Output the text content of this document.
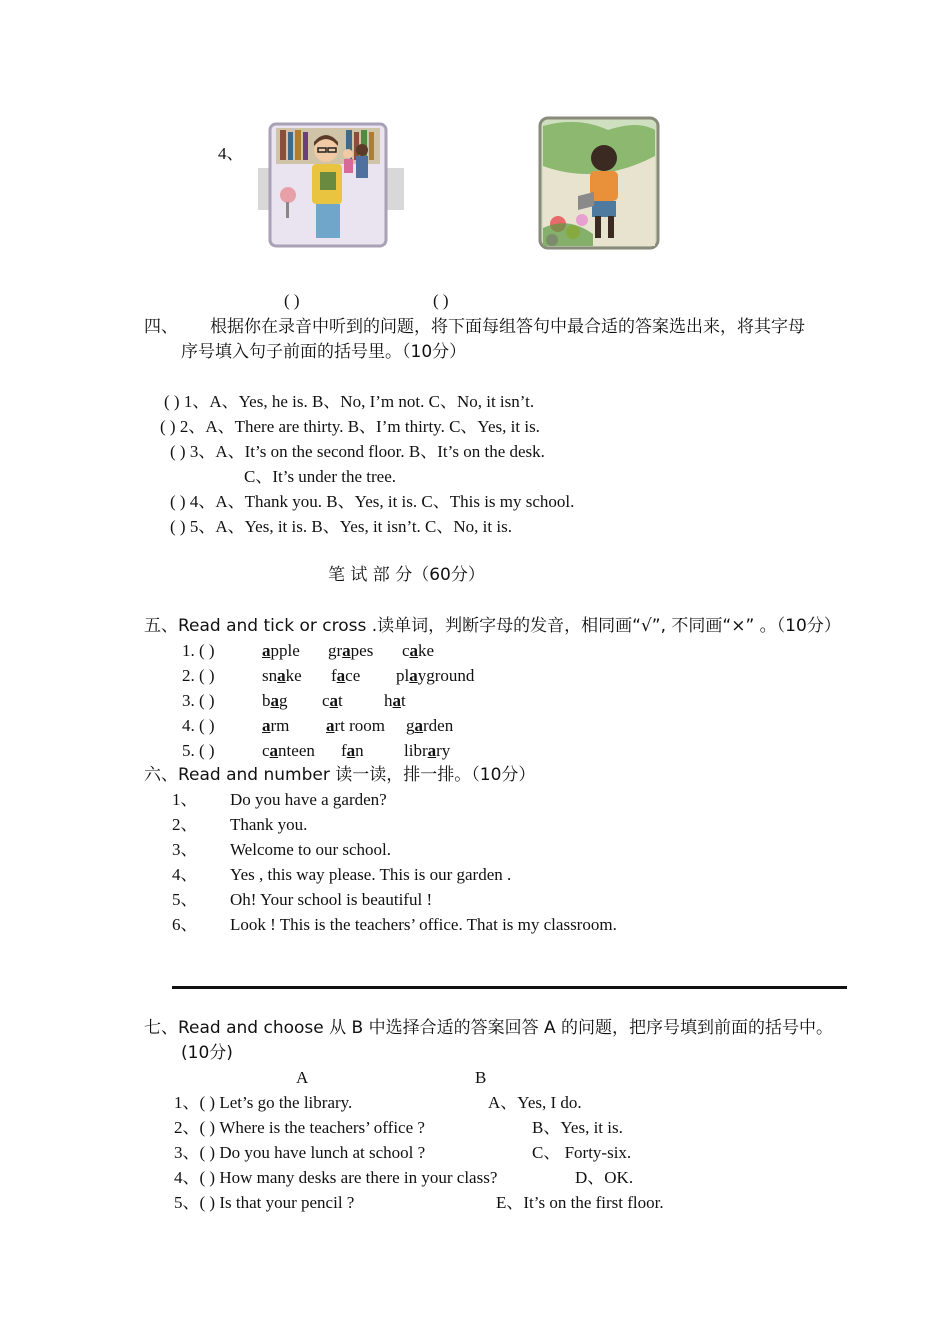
4、
( )	( )
四、 根据你在录音中听到的问题，将下面每组答句中最合适的答案选出来，将其字母
序号填入句子前面的括号里。（10分）
( ) 1、A、Yes, he is. B、No, I’m not. C、No, it isn’t.
( ) 2、A、There are thirty. B、I’m thirty. C、Yes, it is.
( ) 3、A、It’s on the second floor. B、It’s on the desk.
C、It’s under the tree.
( ) 4、A、Thank you. B、Yes, it is. C、This is my school.
( ) 5、A、Yes, it is. B、Yes, it isn’t. C、No, it is.
笔 试 部 分（60分）
五、Read and tick or cross .读单词，判断字母的发音，相同画“√”, 不同画“×” 。（10分）
1. ( )	apple grapes cake
2. ( )	snake face playground
3. ( )	bag cat hat
4. ( )	arm art room garden
5. ( )	canteen fan library
六、Read and number 读一读，排一排。（10分）
1、 Do you have a garden?
2、 Thank you.
3、 Welcome to our school.
4、 Yes , this way please. This is our garden .
5、 Oh! Your school is beautiful !
6、 Look ! This is the teachers’ office. That is my classroom.
七、Read and choose 从 B 中选择合适的答案回答 A 的问题，把序号填到前面的括号中。
(10分)
A	B
1、( ) Let’s go the library.	A、Yes, I do.
2、( ) Where is the teachers’ office ?	B、Yes, it is.
3、( ) Do you have lunch at school ?	C、 Forty-six.
4、( ) How many desks are there in your class?	D、OK.
5、( ) Is that your pencil ?	E、It’s on the first floor.
